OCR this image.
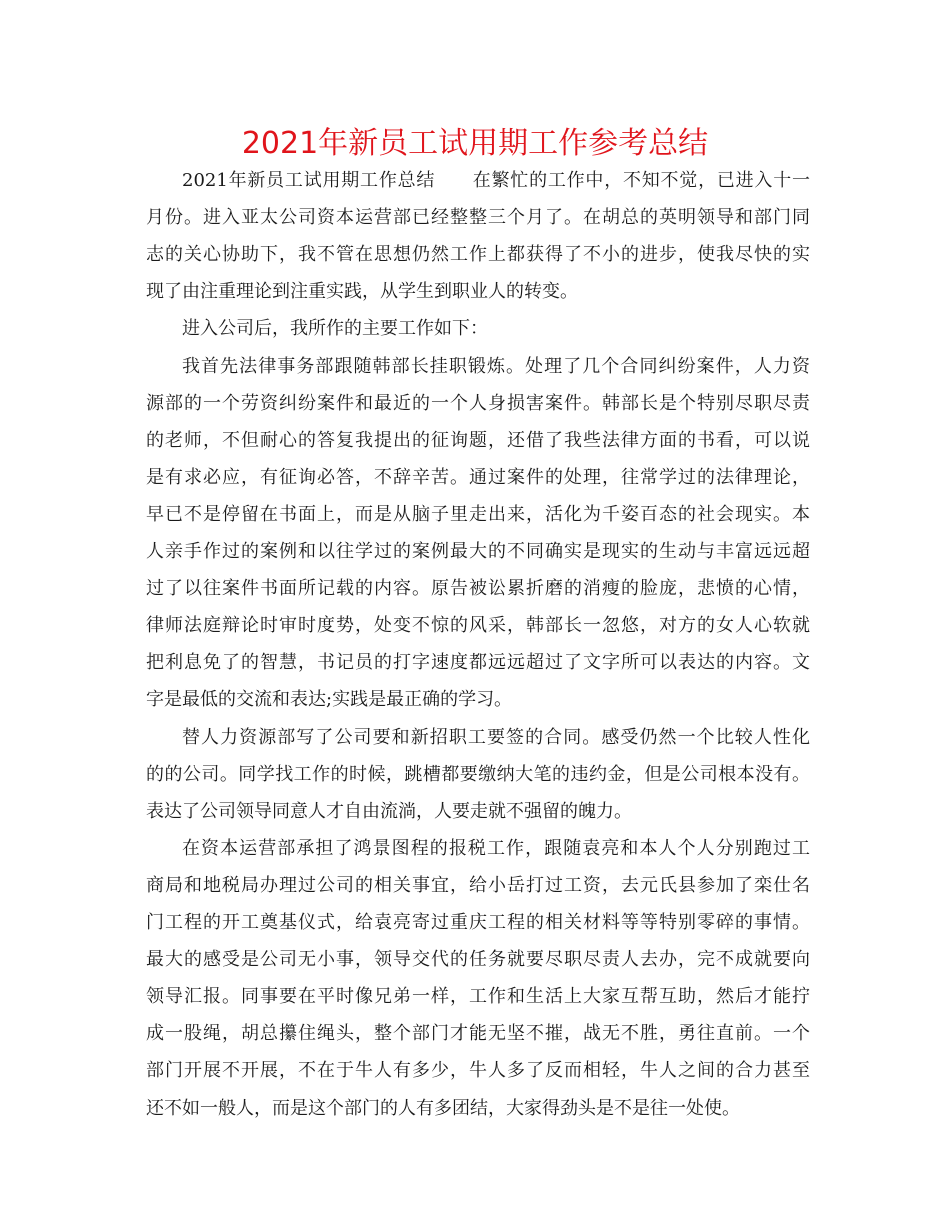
2021年新员工试用期工作参考总结
2021年新员工试用期工作总结　　在繁忙的工作中，不知不觉，已进入十一
月份。进入亚太公司资本运营部已经整整三个月了。在胡总的英明领导和部门同
志的关心协助下，我不管在思想仍然工作上都获得了不小的进步，使我尽快的实
现了由注重理论到注重实践，从学生到职业人的转变。
进入公司后，我所作的主要工作如下：
我首先法律事务部跟随韩部长挂职锻炼。处理了几个合同纠纷案件，人力资
源部的一个劳资纠纷案件和最近的一个人身损害案件。韩部长是个特别尽职尽责
的老师，不但耐心的答复我提出的征询题，还借了我些法律方面的书看，可以说
是有求必应，有征询必答，不辞辛苦。通过案件的处理，往常学过的法律理论，
早已不是停留在书面上，而是从脑子里走出来，活化为千姿百态的社会现实。本
人亲手作过的案例和以往学过的案例最大的不同确实是现实的生动与丰富远远超
过了以往案件书面所记载的内容。原告被讼累折磨的消瘦的脸庞，悲愤的心情，
律师法庭辩论时审时度势，处变不惊的风采，韩部长一忽悠，对方的女人心软就
把利息免了的智慧，书记员的打字速度都远远超过了文字所可以表达的内容。文
字是最低的交流和表达;实践是最正确的学习。
替人力资源部写了公司要和新招职工要签的合同。感受仍然一个比较人性化
的的公司。同学找工作的时候，跳槽都要缴纳大笔的违约金，但是公司根本没有。
表达了公司领导同意人才自由流淌，人要走就不强留的魄力。
在资本运营部承担了鸿景图程的报税工作，跟随袁亮和本人个人分别跑过工
商局和地税局办理过公司的相关事宜，给小岳打过工资，去元氏县参加了栾仕名
门工程的开工奠基仪式，给袁亮寄过重庆工程的相关材料等等特别零碎的事情。
最大的感受是公司无小事，领导交代的任务就要尽职尽责人去办，完不成就要向
领导汇报。同事要在平时像兄弟一样，工作和生活上大家互帮互助，然后才能拧
成一股绳，胡总攥住绳头，整个部门才能无坚不摧，战无不胜，勇往直前。一个
部门开展不开展，不在于牛人有多少，牛人多了反而相轻，牛人之间的合力甚至
还不如一般人，而是这个部门的人有多团结，大家得劲头是不是往一处使。
